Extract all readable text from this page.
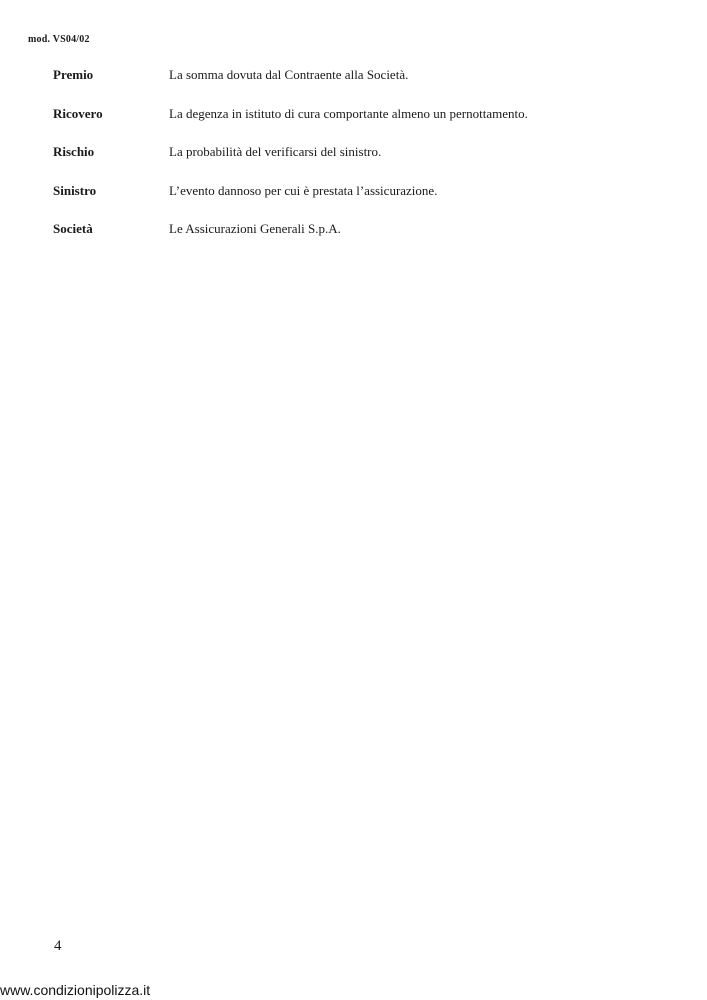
mod. VS04/02
Premio	La somma dovuta dal Contraente alla Società.
Ricovero	La degenza in istituto di cura comportante almeno un pernottamento.
Rischio	La probabilità del verificarsi del sinistro.
Sinistro	L’evento dannoso per cui è prestata l’assicurazione.
Società	Le Assicurazioni Generali S.p.A.
4
www.condizionipolizza.it
